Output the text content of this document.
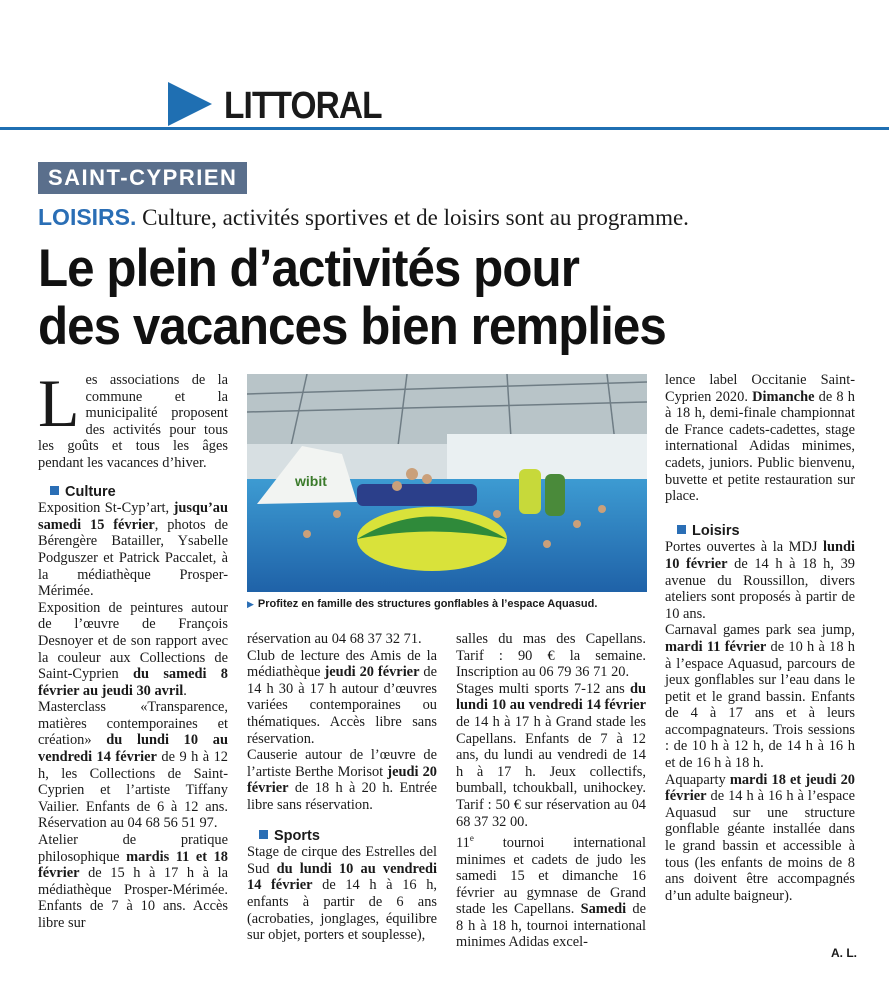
LITTORAL
SAINT-CYPRIEN
LOISIRS. Culture, activités sportives et de loisirs sont au programme.
Le plein d’activités pour
des vacances bien remplies

Les associations de la commune et la municipalité proposent des activités pour tous les goûts et tous les âges pendant les vacances d’hiver.

Culture

Exposition St-Cyp’art, jusqu’au samedi 15 février, photos de Bérengère Batailler, Ysabelle Podguszer et Patrick Paccalet, à la médiathèque Prosper-Mérimée.

Exposition de peintures autour de l’œuvre de François Desnoyer et de son rapport avec la couleur aux Collections de Saint-Cyprien du samedi 8 février au jeudi 30 avril.

Masterclass «Transparence, matières contemporaines et création» du lundi 10 au vendredi 14 février de 9 h à 12 h, les Collections de Saint-Cyprien et l’artiste Tiffany Vailier. Enfants de 6 à 12 ans. Réservation au 04 68 56 51 97.

Atelier de pratique philosophique mardis 11 et 18 février de 15 h à 17 h à la médiathèque Prosper-Mérimée. Enfants de 7 à 10 ans. Accès libre sur

wibit
▶ Profitez en famille des structures gonflables à l’espace Aquasud.

réservation au 04 68 37 32 71.

Club de lecture des Amis de la médiathèque jeudi 20 février de 14 h 30 à 17 h autour d’œuvres variées contemporaines ou thématiques. Accès libre sans réservation.

Causerie autour de l’œuvre de l’artiste Berthe Morisot jeudi 20 février de 18 h à 20 h. Entrée libre sans réservation.

Sports

Stage de cirque des Estrelles del Sud du lundi 10 au vendredi 14 février de 14 h à 16 h, enfants à partir de 6 ans (acrobaties, jonglages, équilibre sur objet, porters et souplesse),

salles du mas des Capellans. Tarif : 90 € la semaine. Inscription au 06 79 36 71 20.

Stages multi sports 7-12 ans du lundi 10 au vendredi 14 février de 14 h à 17 h à Grand stade les Capellans. Enfants de 7 à 12 ans, du lundi au vendredi de 14 h à 17 h. Jeux collectifs, bumball, tchoukball, unihockey. Tarif : 50 € sur réservation au 04 68 37 32 00.

11e tournoi international minimes et cadets de judo les samedi 15 et dimanche 16 février au gymnase de Grand stade les Capellans. Samedi de 8 h à 18 h, tournoi international minimes Adidas excel-

lence label Occitanie Saint-Cyprien 2020. Dimanche de 8 h à 18 h, demi-finale championnat de France cadets-cadettes, stage international Adidas minimes, cadets, juniors. Public bienvenu, buvette et petite restauration sur place.

Loisirs

Portes ouvertes à la MDJ lundi 10 février de 14 h à 18 h, 39 avenue du Roussillon, divers ateliers sont proposés à partir de 10 ans.

Carnaval games park sea jump, mardi 11 février de 10 h à 18 h à l’espace Aquasud, parcours de jeux gonflables sur l’eau dans le petit et le grand bassin. Enfants de 4 à 17 ans et à leurs accompagnateurs. Trois sessions : de 10 h à 12 h, de 14 h à 16 h et de 16 h à 18 h.

Aquaparty mardi 18 et jeudi 20 février de 14 h à 16 h à l’espace Aquasud sur une structure gonflable géante installée dans le grand bassin et accessible à tous (les enfants de moins de 8 ans doivent être accompagnés d’un adulte baigneur).

A. L.
